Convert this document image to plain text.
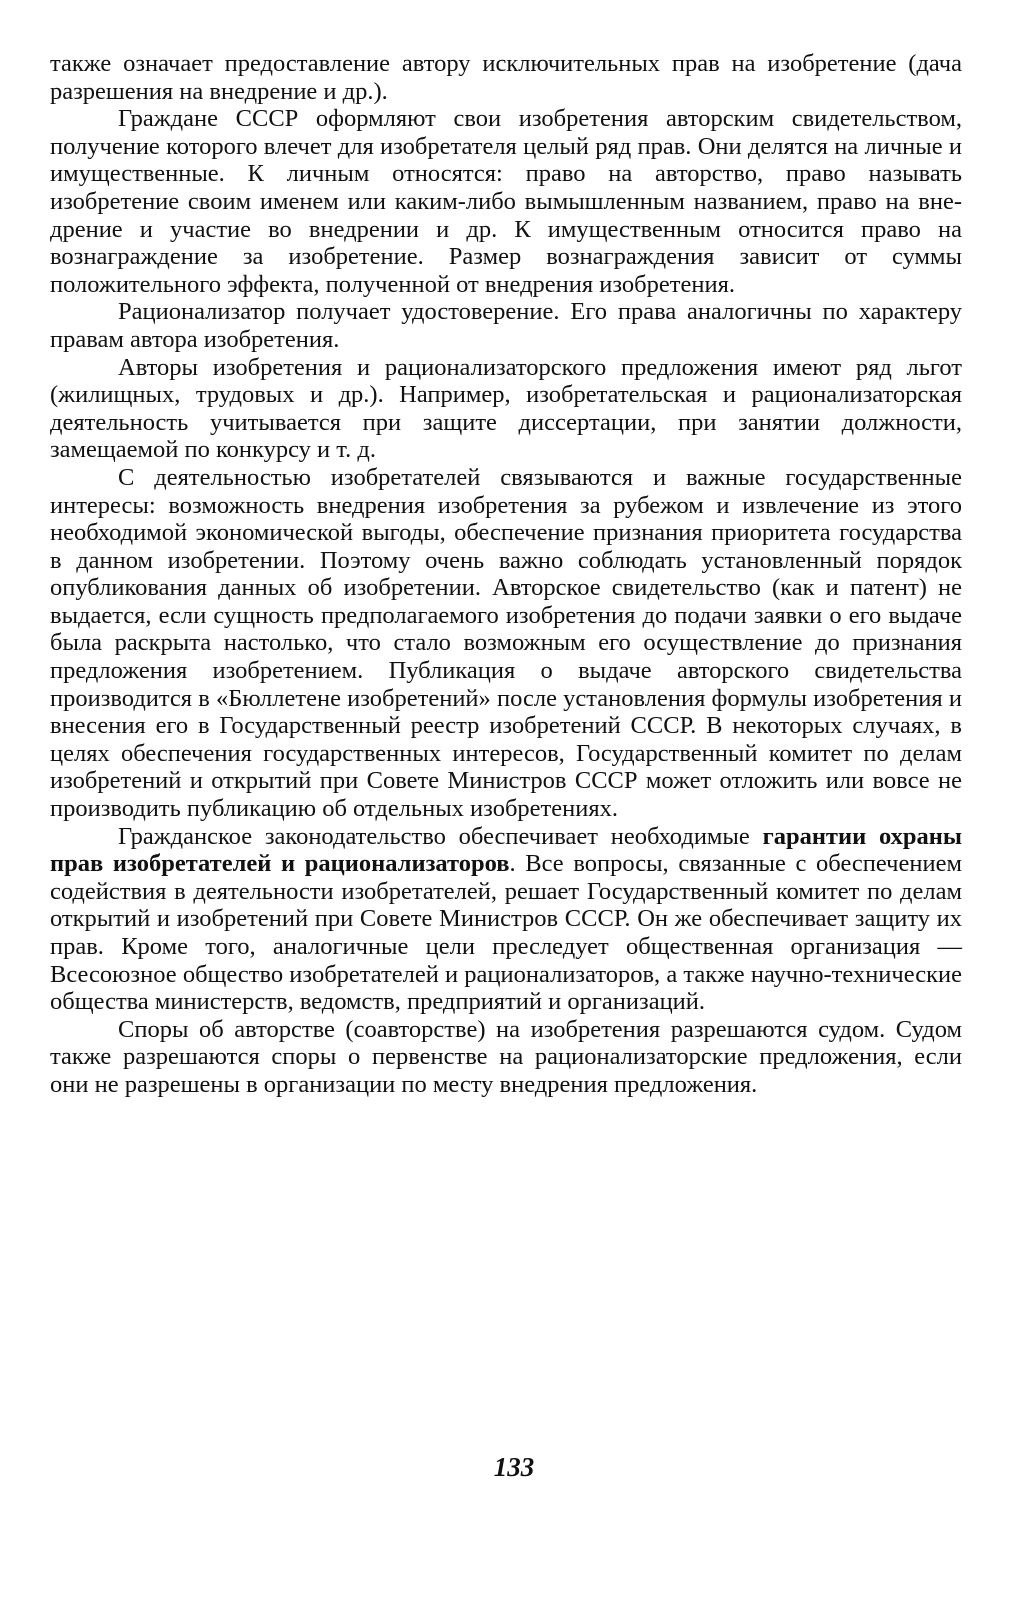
также означает предоставление автору исключительных прав на изобретение (дача разрешения на внедрение и др.).

Граждане СССР оформляют свои изобретения авторским свидетельством, получение которого влечет для изобретателя целый ряд прав. Они делятся на личные и имущественные. К личным относятся: право на авторство, право называть изобретение своим именем или каким-либо вымышленным названием, право на внедрение и участие во внедрении и др. К имущественным относится право на вознаграждение за изобретение. Размер вознаграждения зависит от суммы положительного эффекта, полученной от внедрения изобретения.

Рационализатор получает удостоверение. Его права аналогичны по характеру правам автора изобретения.

Авторы изобретения и рационализаторского предложения имеют ряд льгот (жилищных, трудовых и др.). Например, изобретательская и рационализаторская деятельность учитывается при защите диссертации, при занятии должности, замещаемой по конкурсу и т. д.

С деятельностью изобретателей связываются и важные государственные интересы: возможность внедрения изобретения за рубежом и извлечение из этого необходимой экономической выгоды, обеспечение признания приоритета государства в данном изобретении. Поэтому очень важно соблюдать установленный порядок опубликования данных об изобретении. Авторское свидетельство (как и патент) не выдается, если сущность предполагаемого изобретения до подачи заявки о его выдаче была раскрыта настолько, что стало возможным его осуществление до признания предложения изобретением. Публикация о выдаче авторского свидетельства производится в «Бюллетене изобретений» после установления формулы изобретения и внесения его в Государственный реестр изобретений СССР. В некоторых случаях, в целях обеспечения государственных интересов, Государственный комитет по делам изобретений и открытий при Совете Министров СССР может отложить или вовсе не производить публикацию об отдельных изобретениях.

Гражданское законодательство обеспечивает необходимые гарантии охраны прав изобретателей и рационализаторов. Все вопросы, связанные с обеспечением содействия в деятельности изобретателей, решает Государственный комитет по делам открытий и изобретений при Совете Министров СССР. Он же обеспечивает защиту их прав. Кроме того, аналогичные цели преследует общественная организация — Всесоюзное общество изобретателей и рационализаторов, а также научно-технические общества министерств, ведомств, предприятий и организаций.

Споры об авторстве (соавторстве) на изобретения разрешаются судом. Судом также разрешаются споры о первенстве на рационализаторские предложения, если они не разрешены в организации по месту внедрения предложения.

133
